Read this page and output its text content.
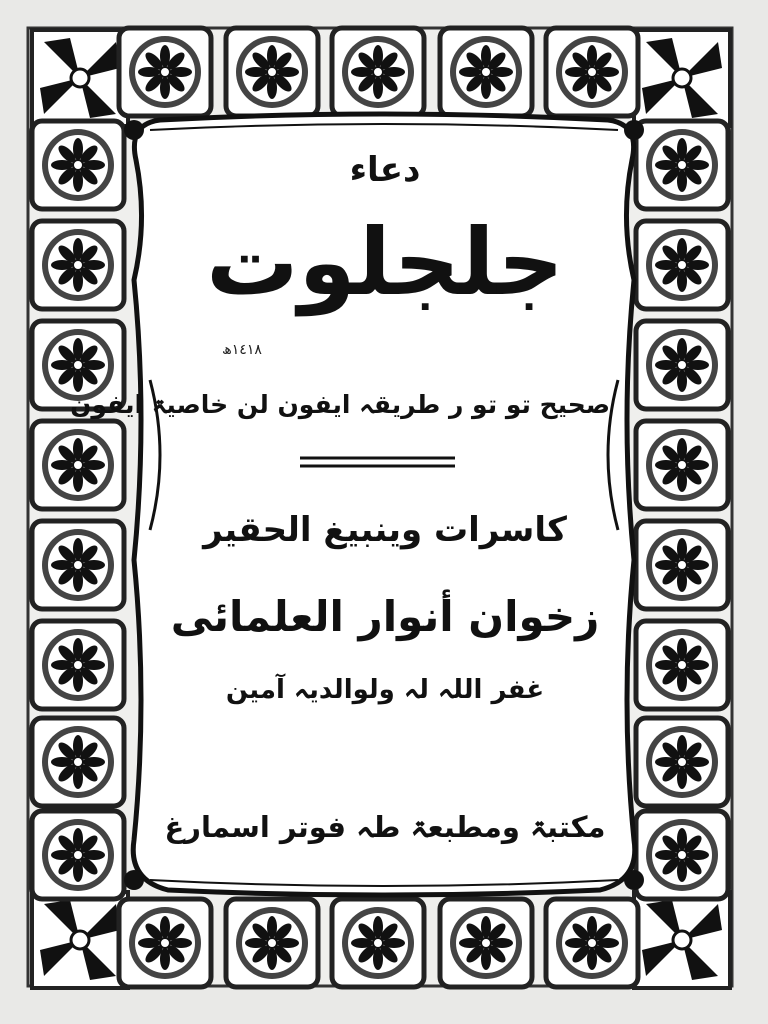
دعاء
جلجلوت
١٤١٨ھ
صحیح تو تو ر طریقہ ایفون لن خاصیۃ ایفون
کاسرات وینبیغ الحقیر
زخوان أنوار العلمائی
غفر اللہ لہ ولوالدیہ آمین
مکتبۃ ومطبعۃ طہ فوتر اسمارغ
